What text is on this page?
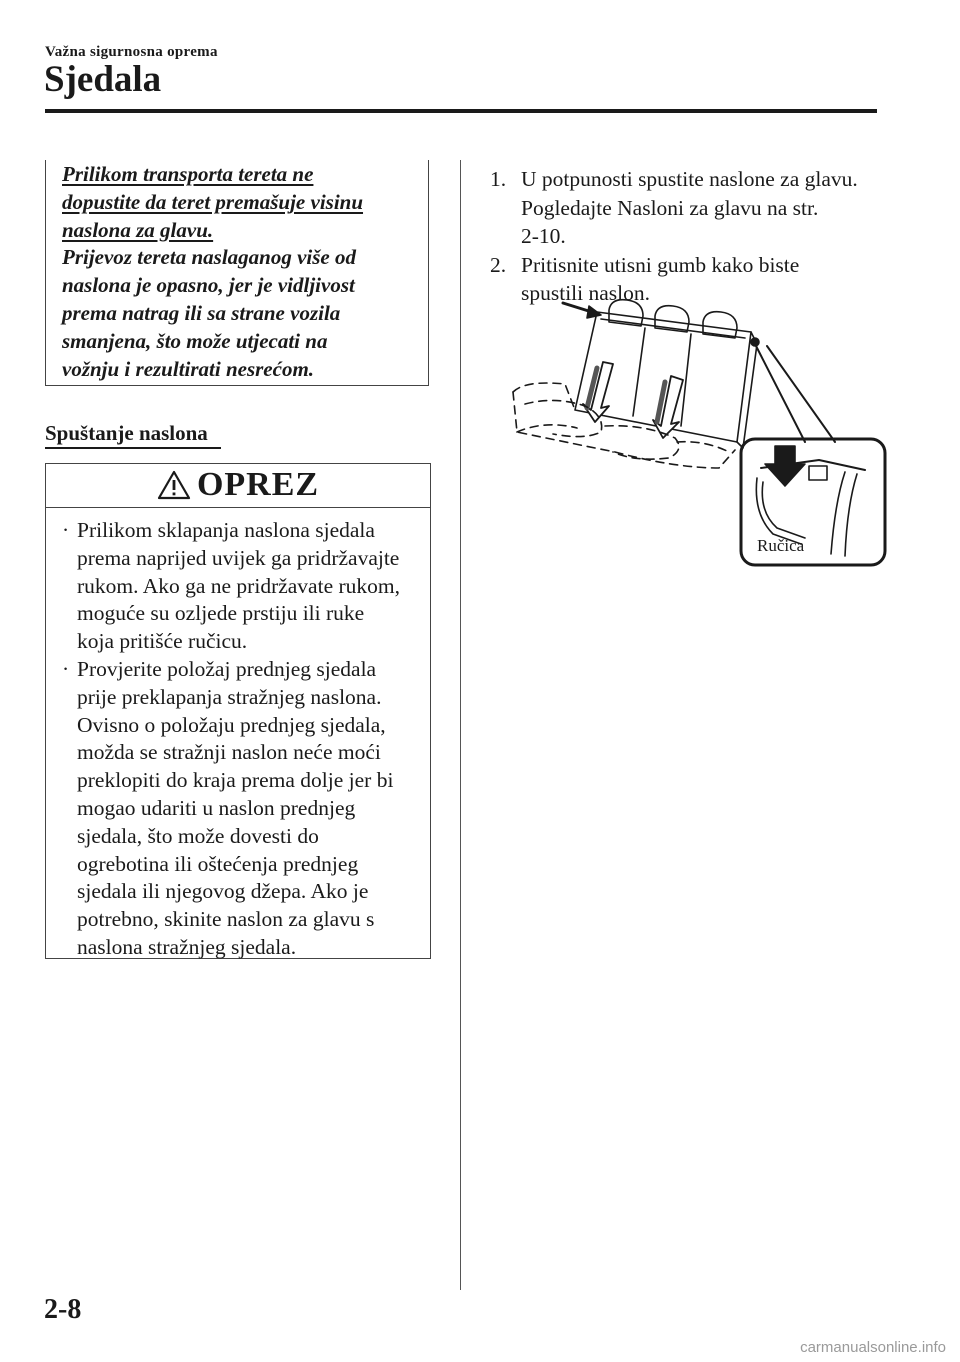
Važna sigurnosna oprema
Sjedala

Prilikom transporta tereta ne

dopustite da teret premašuje visinu

naslona za glavu.

Prijevoz tereta naslaganog više od

naslona je opasno, jer je vidljivost

prema natrag ili sa strane vozila

smanjena, što može utjecati na

vožnju i rezultirati nesrećom.

Spuštanje naslona
OPREZ
· Prilikom sklapanja naslona sjedala
prema naprijed uvijek ga pridržavajte
rukom. Ako ga ne pridržavate rukom,
moguće su ozljede prstiju ili ruke
koja pritišće ručicu.
· Provjerite položaj prednjeg sjedala
prije preklapanja stražnjeg naslona.
Ovisno o položaju prednjeg sjedala,
možda se stražnji naslon neće moći
preklopiti do kraja prema dolje jer bi
mogao udariti u naslon prednjeg
sjedala, što može dovesti do
ogrebotina ili oštećenja prednjeg
sjedala ili njegovog džepa. Ako je
potrebno, skinite naslon za glavu s
naslona stražnjeg sjedala.
1. U potpunosti spustite naslone za glavu.
Pogledajte Nasloni za glavu na str.
2-10.
2. Pritisnite utisni gumb kako biste
spustili naslon.
Ručica
2-8
carmanualsonline.info
